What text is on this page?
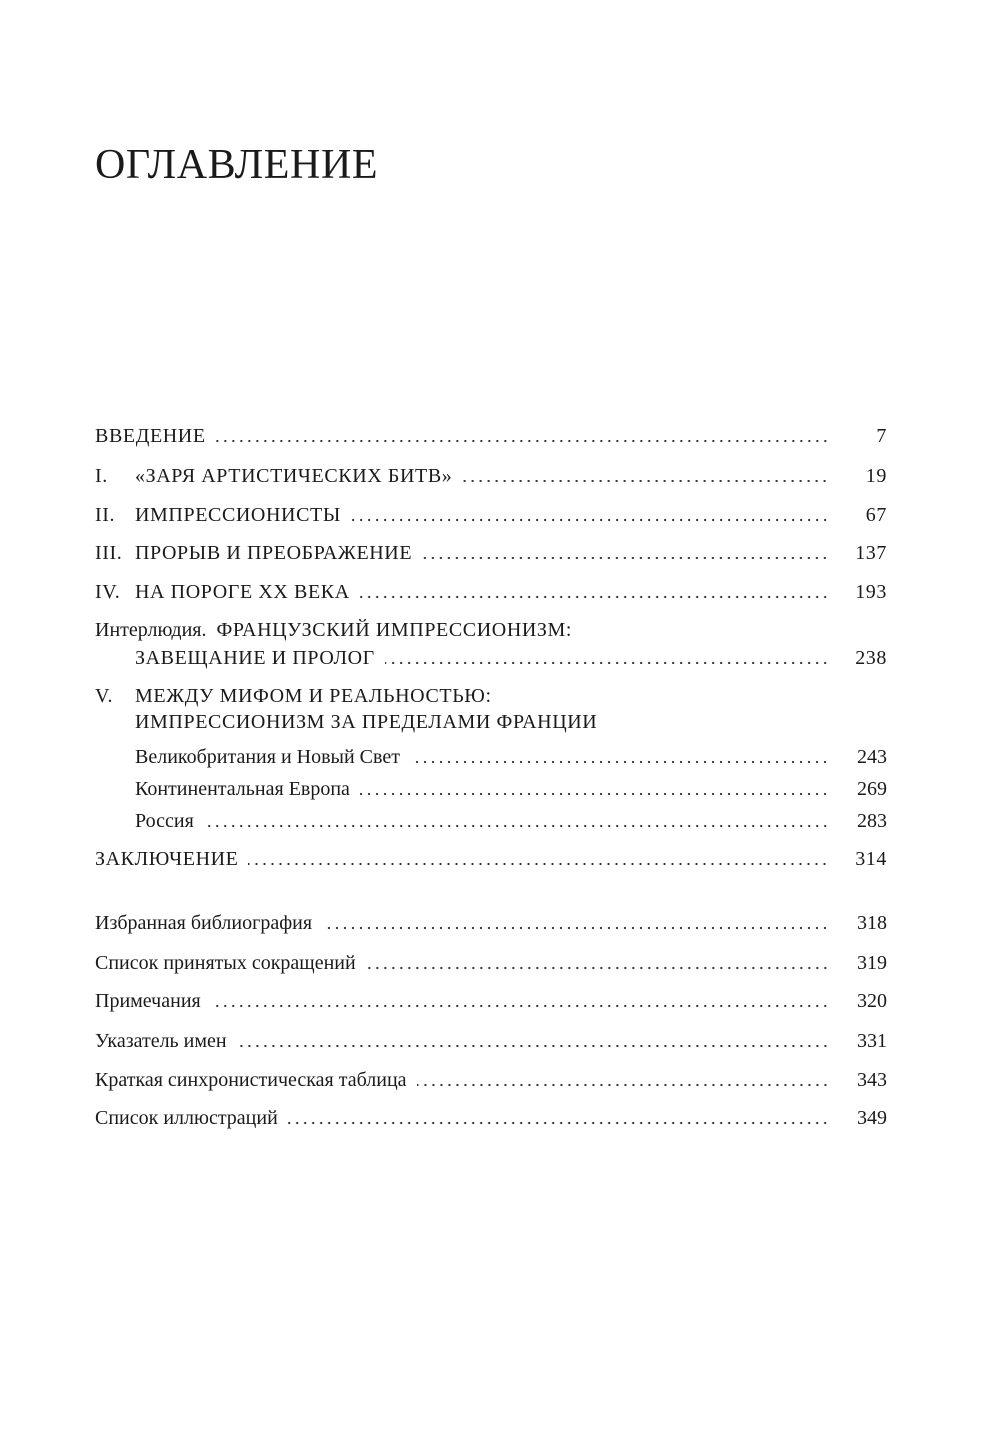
ОГЛАВЛЕНИЕ
ВВЕДЕНИЕ	7
I. «ЗАРЯ АРТИСТИЧЕСКИХ БИТВ»	19
II. ИМПРЕССИОНИСТЫ	67
III. ПРОРЫВ И ПРЕОБРАЖЕНИЕ	137
IV. НА ПОРОГЕ XX ВЕКА	193
Интерлюдия. ФРАНЦУЗСКИЙ ИМПРЕССИОНИЗМ:
ЗАВЕЩАНИЕ И ПРОЛОГ	238
V. МЕЖДУ МИФОМ И РЕАЛЬНОСТЬЮ:
ИМПРЕССИОНИЗМ ЗА ПРЕДЕЛАМИ ФРАНЦИИ
Великобритания и Новый Свет	243
Континентальная Европа	269
Россия	283
ЗАКЛЮЧЕНИЕ	314
Избранная библиография	318
Список принятых сокращений	319
Примечания	320
Указатель имен	331
Краткая синхронистическая таблица	343
Список иллюстраций	349
